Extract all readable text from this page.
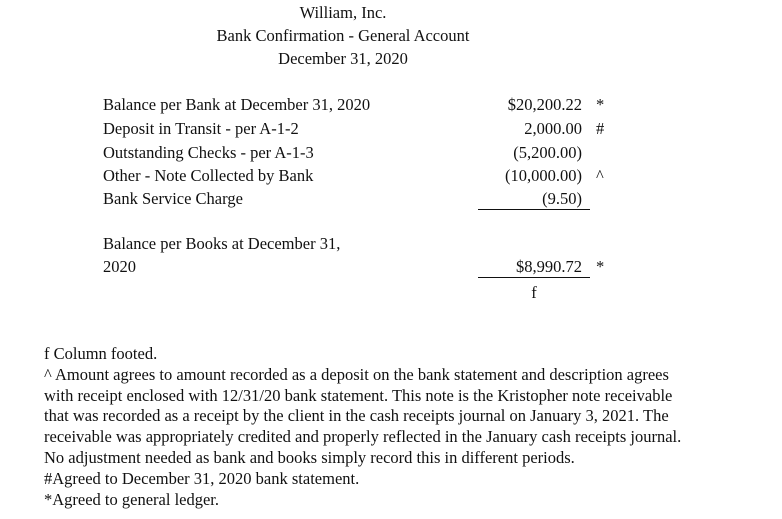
William, Inc.
Bank Confirmation - General Account
December 31, 2020
Balance per Bank at December 31, 2020	$20,200.22 *
Deposit in Transit - per A-1-2	2,000.00 #
Outstanding Checks - per A-1-3	(5,200.00)
Other - Note Collected by Bank	(10,000.00) ^
Bank Service Charge	(9.50)
Balance per Books at December 31,
2020	$8,990.72 *
f
f Column footed.
^ Amount agrees to amount recorded as a deposit on the bank statement and description agrees
with receipt enclosed with 12/31/20 bank statement. This note is the Kristopher note receivable
that was recorded as a receipt by the client in the cash receipts journal on January 3, 2021. The
receivable was appropriately credited and properly reflected in the January cash receipts journal.
No adjustment needed as bank and books simply record this in different periods.
#Agreed to December 31, 2020 bank statement.
*Agreed to general ledger.
